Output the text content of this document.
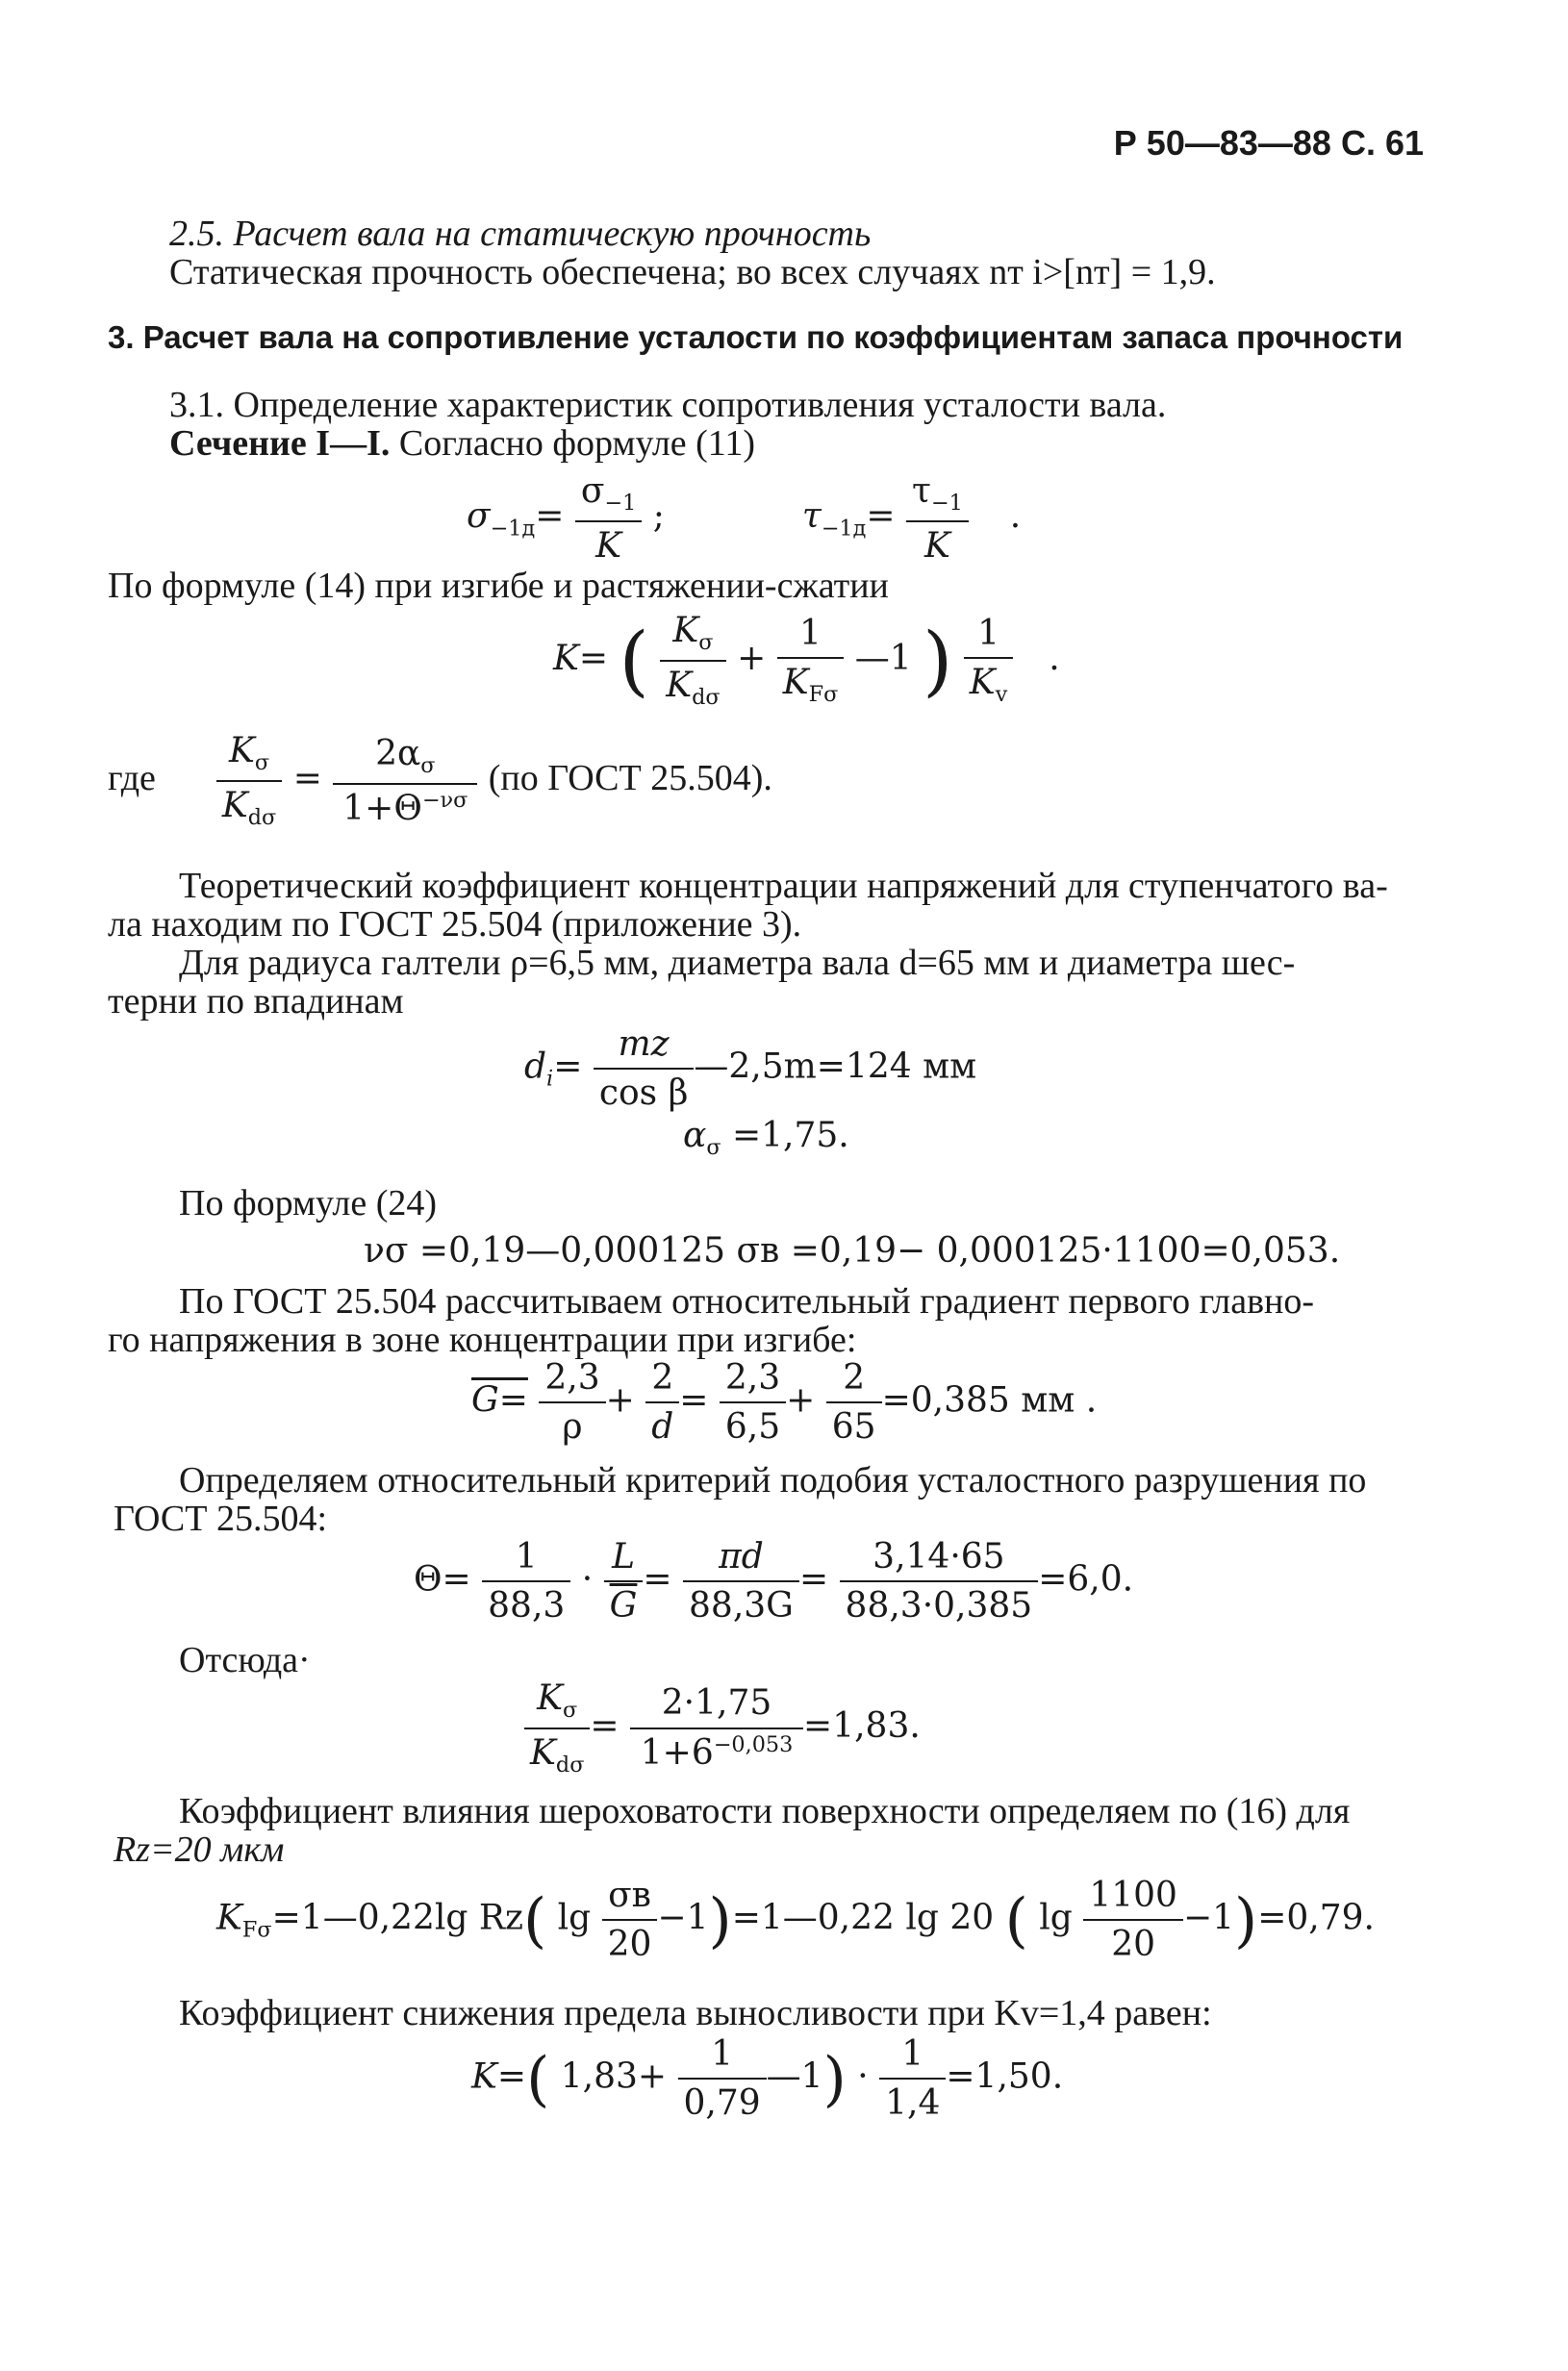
Р 50—83—88 С. 61
2.5. Расчет вала на статическую прочность
Статическая прочность обеспечена; во всех случаях nт i>[nт] = 1,9.
3. Расчет вала на сопротивление усталости по коэффициентам запаса прочности
3.1. Определение характеристик сопротивления усталости вала.
Сечение I—I. Согласно формуле (11)
$\sigma_{-1д}= \frac{\sigma_{-1}}{K}$ ;	$\tau_{-1д}= \frac{\tau_{-1}}{K}$ .
По формуле (14) при изгибе и растяжении-сжатии
K= ( $\frac{K_\sigma}{K_{d\sigma}} + \frac{1}{K_{F\sigma}}$ —1 ) $\frac{1}{K_v}$ .
где $\frac{K_\sigma}{K_{d\sigma}} = \frac{2\alpha_\sigma}{1+\Theta^{-\nu\sigma}} (по$ ГОСТ 25.504).
Теоретический коэффициент концентрации напряжений для ступенчатого ва-
ла находим по ГОСТ 25.504 (приложение 3).
Для радиуса галтели ρ=6,5 мм, диаметра вала d=65 мм и диаметра шес-
терни по впадинам
$d_i= \frac{mz}{\text{cos β}}$ —2,5m=124 мм
$\alpha_\sigma =1,75$.
По формуле (24)
νσ =0,19—0,000125 σв =0,19− 0,000125·1100=0,053.
По ГОСТ 25.504 рассчитываем относительный градиент первого главно-
го напряжения в зоне концентрации при изгибе:
$G= \frac{2,3}{\rho} + \frac{2}{d} = \frac{2,3}{6,5} + \frac{2}{65} =0,385$ мм .
Определяем относительный критерий подобия усталостного разрушения по
ГОСТ 25.504:
$\Theta= \frac{1}{88,3} \cdot \frac{L}{G} = \frac{\pi d}{88,3G} = \frac{3,14\cdot 65}{88,3\cdot 0,385} =6,0$.
Отсюда·
$\frac{K_\sigma}{K_{d\sigma}} = \frac{2\cdot 1,75}{1+6^{-0,053}} =1,83$.
Коэффициент влияния шероховатости поверхности определяем по (16) для
Rz=20 мкм
$K_{F\sigma}=1—0,22\lg$ Rz( $\lg \frac{\sigma в}{20}$ −1)=1—0,22 lg 20 ( $\lg \frac{1100}{20} -1)=0,79$.
Коэффициент снижения предела выносливости при Kv=1,4 равен:
K=( $1,83+ \frac{1}{0,79}$ —1) · $\frac{1}{1,4} =1,50$.
